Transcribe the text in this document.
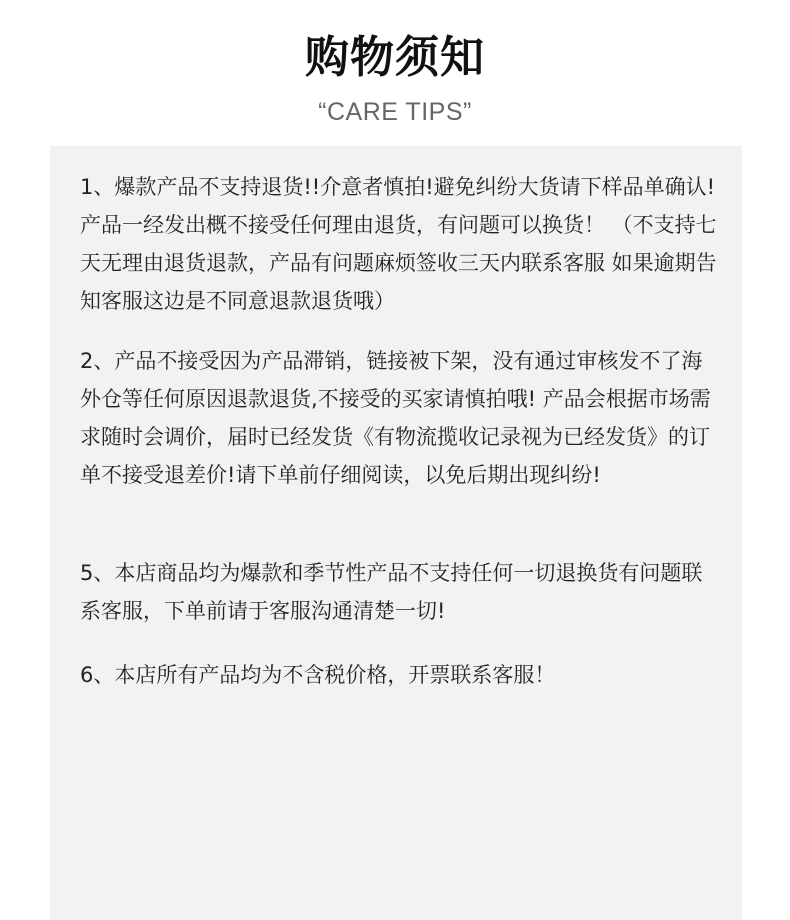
购物须知
“CARE TIPS”
1、爆款产品不支持退货!!介意者慎拍!避免纠纷大货请下样品单确认!产品一经发出概不接受任何理由退货，有问题可以换货！ （不支持七天无理由退货退款，产品有问题麻烦签收三天内联系客服 如果逾期告知客服这边是不同意退款退货哦）
2、产品不接受因为产品滞销，链接被下架，没有通过审核发不了海外仓等任何原因退款退货,不接受的买家请慎拍哦! 产品会根据市场需求随时会调价，届时已经发货《有物流揽收记录视为已经发货》的订单不接受退差价!请下单前仔细阅读，以免后期出现纠纷!
5、本店商品均为爆款和季节性产品不支持任何一切退换货有问题联系客服，下单前请于客服沟通清楚一切!
6、本店所有产品均为不含税价格，开票联系客服！
